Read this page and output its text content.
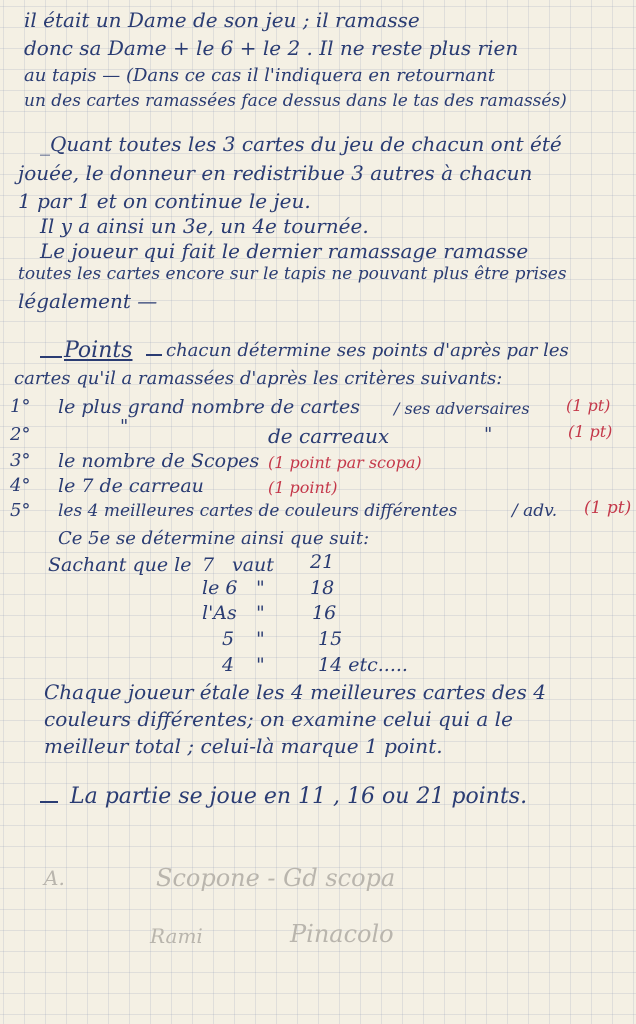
il était un Dame de son jeu ; il ramasse
donc sa Dame + le 6 + le 2 . Il ne reste plus rien
au tapis — (Dans ce cas il l'indiquera en retournant
un des cartes ramassées face dessus dans le tas des ramassés)
_Quant toutes les 3 cartes du jeu de chacun ont été
jouée, le donneur en redistribue 3 autres à chacun
1 par 1 et on continue le jeu.
Il y a ainsi un 3e, un 4e tournée.
Le joueur qui fait le dernier ramassage ramasse
toutes les cartes encore sur le tapis ne pouvant plus être prises
légalement —
Points chacun détermine ses points d'après par les
cartes qu'il a ramassées d'après les critères suivants:
1° le plus grand nombre de cartes / ses adversaires (1 pt)
2°	"	de carreaux	"	(1 pt)
3° le nombre de Scopes (1 point par scopa)
4° le 7 de carreau	(1 point)
5° les 4 meilleures cartes de couleurs différentes	/ adv. (1 pt)
Ce 5e se détermine ainsi que suit:
Sachant que le 7 vaut 21
le 6 " 18
l'As " 16
5 "	15
4 "	14 etc.....
Chaque joueur étale les 4 meilleures cartes des 4
couleurs différentes; on examine celui qui a le
meilleur total ; celui-là marque 1 point.
La partie se joue en 11 , 16 ou 21 points.
A.	Scopone - Gd scopa
Rami	Pinacolo
